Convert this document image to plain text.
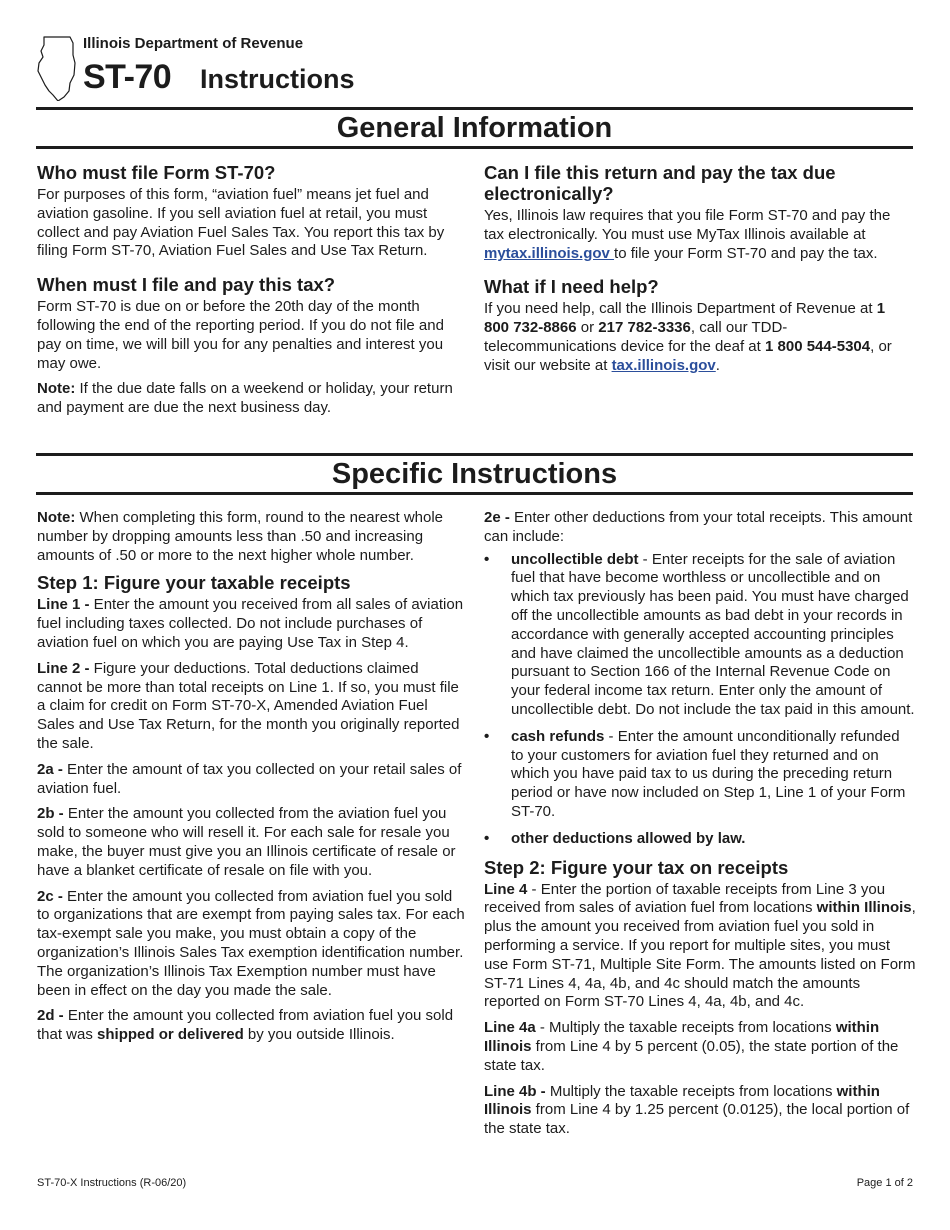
Illinois Department of Revenue
ST-70 Instructions
General Information
Who must file Form ST-70?

For purposes of this form, “aviation fuel” means jet fuel and aviation gasoline. If you sell aviation fuel at retail, you must collect and pay Aviation Fuel Sales Tax. You report this tax by filing Form ST-70, Aviation Fuel Sales and Use Tax Return.

When must I file and pay this tax?

Form ST-70 is due on or before the 20th day of the month following the end of the reporting period. If you do not file and pay on time, we will bill you for any penalties and interest you may owe.

Note: If the due date falls on a weekend or holiday, your return and payment are due the next business day.

Can I file this return and pay the tax due electronically?

Yes, Illinois law requires that you file Form ST-70 and pay the tax electronically. You must use MyTax Illinois available at mytax.illinois.gov to file your Form ST-70 and pay the tax.

What if I need help?

If you need help, call the Illinois Department of Revenue at 1 800 732-8866 or 217 782-3336, call our TDD-telecommunications device for the deaf at 1 800 544-5304, or visit our website at tax.illinois.gov.

Specific Instructions

Note: When completing this form, round to the nearest whole number by dropping amounts less than .50 and increasing amounts of .50 or more to the next higher whole number.

Step 1: Figure your taxable receipts

Line 1 - Enter the amount you received from all sales of aviation fuel including taxes collected. Do not include purchases of aviation fuel on which you are paying Use Tax in Step 4.

Line 2 - Figure your deductions. Total deductions claimed cannot be more than total receipts on Line 1. If so, you must file a claim for credit on Form ST-70-X, Amended Aviation Fuel Sales and Use Tax Return, for the month you originally reported the sale.

2a - Enter the amount of tax you collected on your retail sales of aviation fuel.

2b - Enter the amount you collected from the aviation fuel you sold to someone who will resell it. For each sale for resale you make, the buyer must give you an Illinois certificate of resale or have a blanket certificate of resale on file with you.

2c - Enter the amount you collected from aviation fuel you sold to organizations that are exempt from paying sales tax. For each tax-exempt sale you make, you must obtain a copy of the organization’s Illinois Sales Tax exemption identification number. The organization’s Illinois Tax Exemption number must have been in effect on the day you made the sale.

2d - Enter the amount you collected from aviation fuel you sold that was shipped or delivered by you outside Illinois.

2e - Enter other deductions from your total receipts. This amount can include:

• uncollectible debt - Enter receipts for the sale of aviation fuel that have become worthless or uncollectible and on which tax previously has been paid. You must have charged off the uncollectible amounts as bad debt in your records in accordance with generally accepted accounting principles and have claimed the uncollectible amounts as a deduction pursuant to Section 166 of the Internal Revenue Code on your federal income tax return. Enter only the amount of uncollectible debt. Do not include the tax paid in this amount.
• cash refunds - Enter the amount unconditionally refunded to your customers for aviation fuel they returned and on which you have paid tax to us during the preceding return period or have now included on Step 1, Line 1 of your Form ST-70.
• other deductions allowed by law.
Step 2: Figure your tax on receipts

Line 4 - Enter the portion of taxable receipts from Line 3 you received from sales of aviation fuel from locations within Illinois, plus the amount you received from aviation fuel you sold in performing a service. If you report for multiple sites, you must use Form ST-71, Multiple Site Form. The amounts listed on Form ST-71 Lines 4, 4a, 4b, and 4c should match the amounts reported on Form ST-70 Lines 4, 4a, 4b, and 4c.

Line 4a - Multiply the taxable receipts from locations within Illinois from Line 4 by 5 percent (0.05), the state portion of the state tax.

Line 4b - Multiply the taxable receipts from locations within Illinois from Line 4 by 1.25 percent (0.0125), the local portion of the state tax.

ST-70-X Instructions (R-06/20)	Page 1 of 2
